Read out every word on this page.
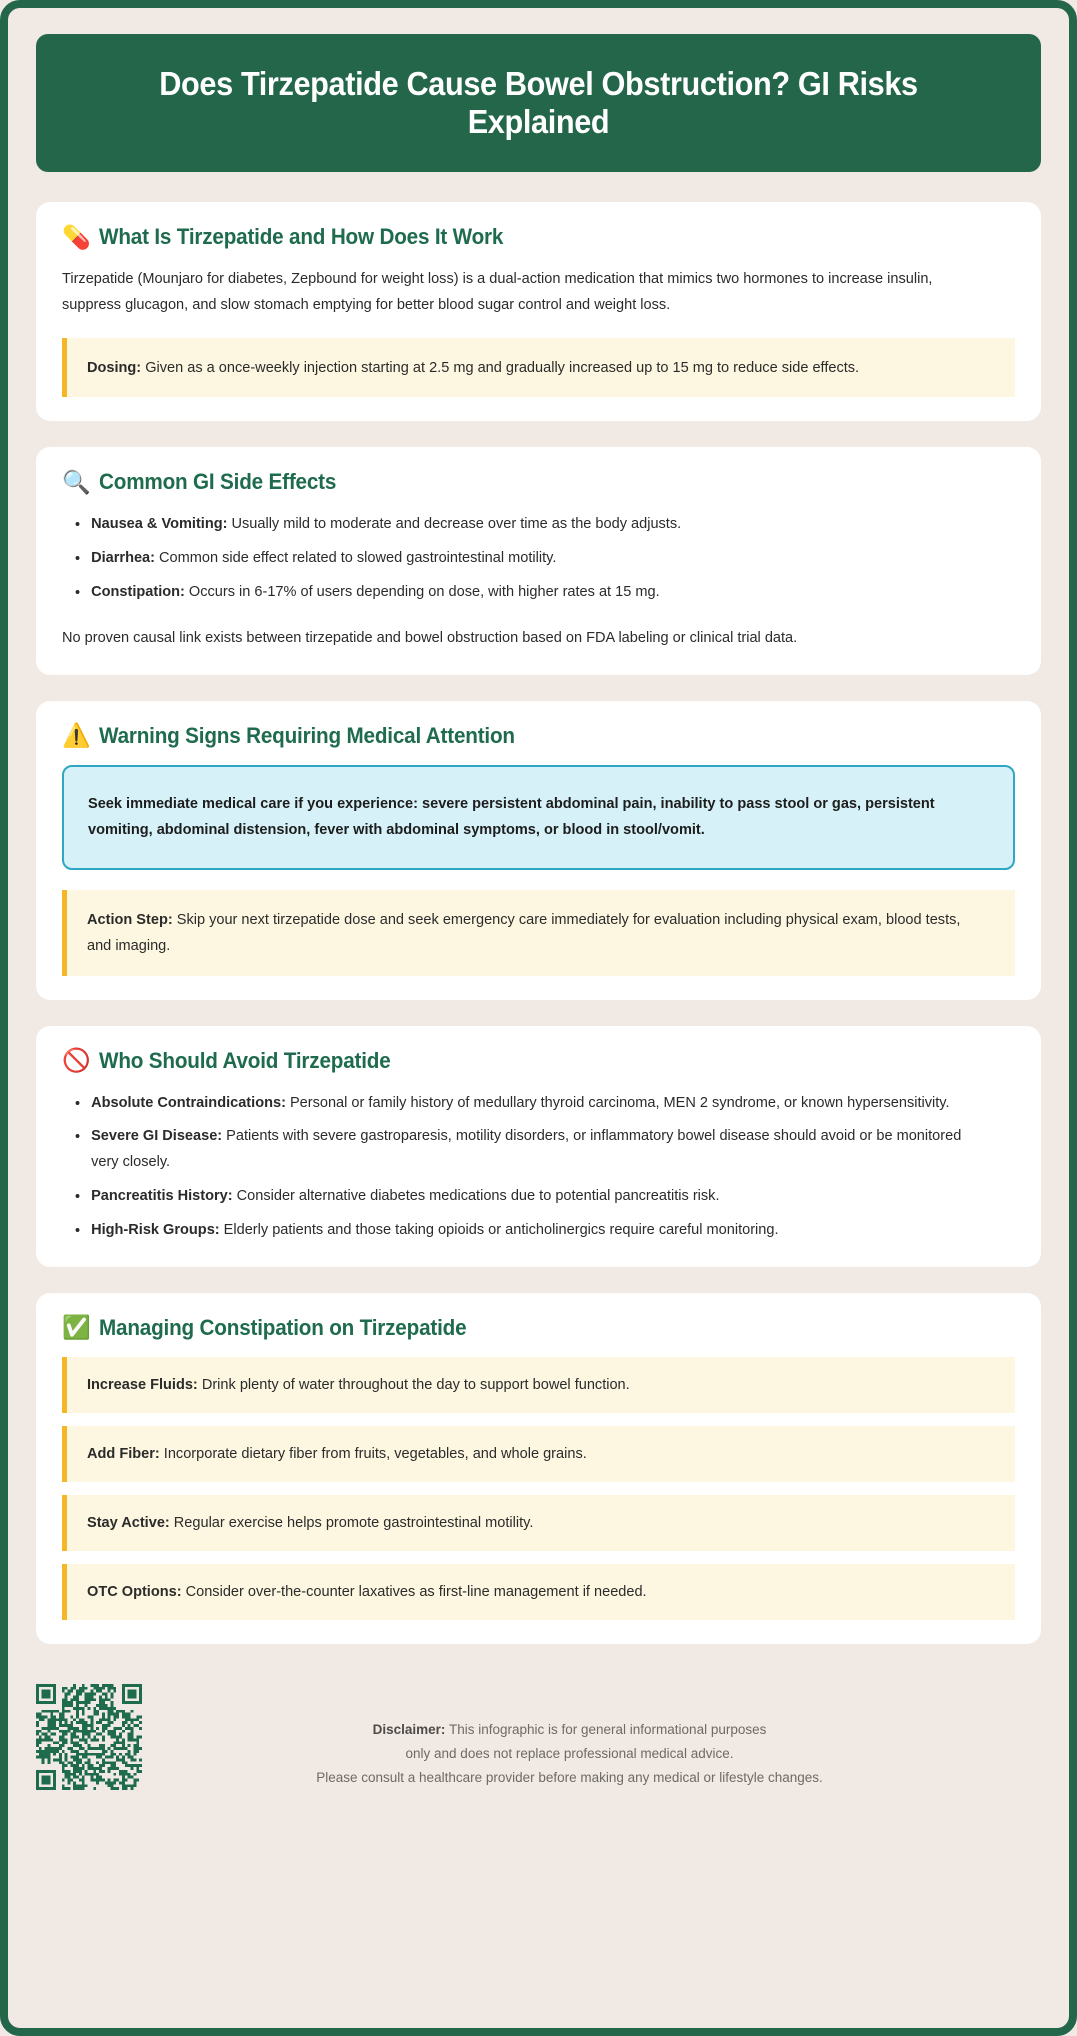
Does Tirzepatide Cause Bowel Obstruction? GI Risks Explained
💊 What Is Tirzepatide and How Does It Work
Tirzepatide (Mounjaro for diabetes, Zepbound for weight loss) is a dual-action medication that mimics two hormones to increase insulin, suppress glucagon, and slow stomach emptying for better blood sugar control and weight loss.
Dosing: Given as a once-weekly injection starting at 2.5 mg and gradually increased up to 15 mg to reduce side effects.
🔍 Common GI Side Effects
Nausea & Vomiting: Usually mild to moderate and decrease over time as the body adjusts.
Diarrhea: Common side effect related to slowed gastrointestinal motility.
Constipation: Occurs in 6-17% of users depending on dose, with higher rates at 15 mg.
No proven causal link exists between tirzepatide and bowel obstruction based on FDA labeling or clinical trial data.
⚠️ Warning Signs Requiring Medical Attention
Seek immediate medical care if you experience: severe persistent abdominal pain, inability to pass stool or gas, persistent vomiting, abdominal distension, fever with abdominal symptoms, or blood in stool/vomit.
Action Step: Skip your next tirzepatide dose and seek emergency care immediately for evaluation including physical exam, blood tests, and imaging.
🚫 Who Should Avoid Tirzepatide
Absolute Contraindications: Personal or family history of medullary thyroid carcinoma, MEN 2 syndrome, or known hypersensitivity.
Severe GI Disease: Patients with severe gastroparesis, motility disorders, or inflammatory bowel disease should avoid or be monitored very closely.
Pancreatitis History: Consider alternative diabetes medications due to potential pancreatitis risk.
High-Risk Groups: Elderly patients and those taking opioids or anticholinergics require careful monitoring.
✅ Managing Constipation on Tirzepatide
Increase Fluids: Drink plenty of water throughout the day to support bowel function.
Add Fiber: Incorporate dietary fiber from fruits, vegetables, and whole grains.
Stay Active: Regular exercise helps promote gastrointestinal motility.
OTC Options: Consider over-the-counter laxatives as first-line management if needed.
Disclaimer: This infographic is for general informational purposes
only and does not replace professional medical advice.
Please consult a healthcare provider before making any medical or lifestyle changes.
